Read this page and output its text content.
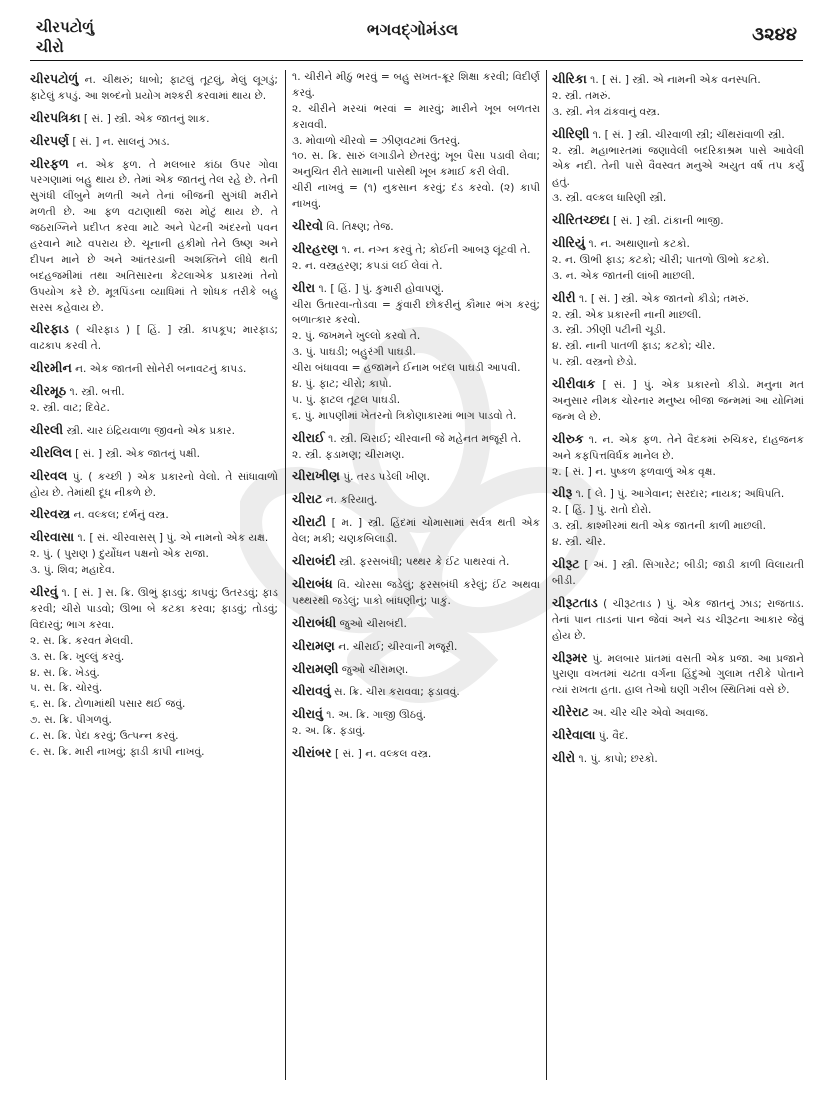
ચીરપટોળું
ચીરો
ભગવદ્ગોમંડલ	૩૨૪૪
ચીરપટોળું ન. ચીથરું; ધાબો; ફાટલું તૂટલું, મેલું લૂગડું; ફાટેલું કપડું. આ શબ્દનો પ્રયોગ મશ્કરી કરવામાં થાય છે.
ચીરપત્રિકા [ સં. ] સ્ત્રી. એક જાતનું શાક.
ચીરપર્ણ [ સં. ] ન. સાલનું ઝાડ.
ચીરફળ ન. એક ફળ. તે મલબાર કાંઠા ઉપર ગોવા પરગણામાં બહુ થાય છે. તેમાં એક જાતનું તેલ રહે છે. તેની સુગંધી લીંબુને મળતી અને તેનાં બીજની સુગંધી મરીને મળતી છે. આ ફળ વટાણાથી જરા મોટું થાય છે. તે જઠરાગ્નિને પ્રદીપ્ત કરવા માટે અને પેટની અંદરનો પવન હરવાને માટે વપરાય છે. ચૂનાની હકીમો તેને ઉષ્ણ અને દીપન માને છે અને આંતરડાની અશક્તિને લીધે થતી બદહજમીમાં તથા અતિસારના કેટલાએક પ્રકારમાં તેનો ઉપયોગ કરે છે. મૂત્રપિંડના વ્યાધિમાં તે શોધક તરીકે બહુ સરસ કહેવાય છે.
ચીરફાડ ( ચીરફાડ ) [ હિં. ] સ્ત્રી. કાપકૂપ; મારફાડ; વાઢકાપ કરવી તે.
ચીરમીન ન. એક જાતની સોનેરી બનાવટનું કાપડ.
ચીરમૂઠ ૧. સ્ત્રી. બત્તી.
૨. સ્ત્રી. વાટ; દિવેટ.
ચીરલી સ્ત્રી. ચાર ઇંદ્રિયવાળા જીવનો એક પ્રકાર.
ચીરલિલ [ સં. ] સ્ત્રી. એક જાતનું પક્ષી.
ચીરવલ પું. ( કચ્છી ) એક પ્રકારનો વેલો. તે સાંધાવાળો હોય છે. તેમાંથી દૂધ નીકળે છે.
ચીરવસ્ત્ર ન. વલ્કલ; દર્ભનું વસ્ત્ર.
ચીરવાસા ૧. [ સં. ચીરવાસસ્ ] પું. એ નામનો એક યક્ષ.
૨. પું. ( પુરાણ ) દુર્યોધન પક્ષનો એક રાજા.
૩. પું. શિવ; મહાદેવ.
ચીરવું ૧. [ સં. ] સ. ક્રિ. ઊભું ફાડવું; કાપવું; ઉતરડવું; ફાડ કરવી; ચીરો પાડવો; ઊભા બે કટકા કરવા; ફાડવું; તોડવું; વિદારવું; ભાગ કરવા.
૨. સ. ક્રિ. કરવત મેલવી.
૩. સ. ક્રિ. ખુલ્લું કરવું.
૪. સ. ક્રિ. ખેડવું.
૫. સ. ક્રિ. ચોરવું.
૬. સ. ક્રિ. ટોળામાંથી પસાર થઈ જવું.
૭. સ. ક્રિ. પીગળવું.
૮. સ. ક્રિ. પેદા કરવું; ઉત્પન્ન કરવું.
૯. સ. ક્રિ. મારી નાખવું; ફાડી કાપી નાખવું.
૧. ચીરીને મીઠું ભરવું = બહુ સખત-ક્રૂર શિક્ષા કરવી; વિદીર્ણ કરવું.
૨. ચીરીને મરચાં ભરવાં = મારવું; મારીને ખૂબ બળતરા કરાવવી.
૩. મોવાળો ચીરવો = ઝીણવટમાં ઉતરવું.
૧૦. સ. ક્રિ. સારું લગાડીને છેતરવું; ખૂબ પૈસા પડાવી લેવા; અનુચિત રીતે સામાની પાસેથી ખૂબ કમાઈ કરી લેવી.
ચીરી નાખવું = (૧) નુકસાન કરવું; દંડ કરવો. (૨) કાપી નાખવું.
ચીરવો વિ. તિક્ષ્ણ; તેજ.
ચીરહરણ ૧. ન. નગ્ન કરવું તે; કોઈની આબરૂ લૂંટવી તે.
૨. ન. વસ્ત્રહરણ; કપડાં લઈ લેવાં તે.
ચીરા ૧. [ હિં. ] પું. કુમારી હોવાપણું.
ચીરા ઉતારવા-તોડવા = કુંવારી છોકરીનું કૌમાર ભંગ કરવું; બળાત્કાર કરવો.
૨. પું. જખમને ખુલ્લો કરવો તે.
૩. પું. પાઘડી; બહુરંગી પાઘડી.
ચીરા બંધાવવા = હજામને ઈનામ બદલ પાઘડી આપવી.
૪. પું. ફાટ; ચીરો; કાપો.
૫. પું. ફાટલ તૂટલ પાઘડી.
૬. પું. માપણીમાં ખેતરનો ત્રિકોણાકારમાં ભાગ પાડવો તે.
ચીરાઈ ૧. સ્ત્રી. ચિરાઈ; ચીરવાની જે મહેનત મજૂરી તે.
૨. સ્ત્રી. ફડામણ; ચીરામણ.
ચીરાખીણ પું. તરડ પડેલી ખીણ.
ચીરાટ ન. કરિયાતું.
ચીરાટી [ મ. ] સ્ત્રી. હિંદમાં ચોમાસામાં સર્વત્ર થતી એક વેલ; મકી; ચણકબિલાડી.
ચીરાબંદી સ્ત્રી. ફરસબંધી; પથ્થર કે ઈંટ પાથરવાં તે.
ચીરાબંધ વિ. ચોરસા જડેલું; ફરસબંધી કરેલું; ઈંટ અથવા પથ્થરથી જડેલું; પાકો બાંધણીનું; પાકું.
ચીરાબંધી જુઓ ચીરાબંદી.
ચીરામણ ન. ચીરાઈ; ચીરવાની મજૂરી.
ચીરામણી જુઓ ચીરામણ.
ચીરાવવું સ. ક્રિ. ચીરા કરાવવા; ફડાવવું.
ચીરાવું ૧. અ. ક્રિ. ગાજી ઊઠવું.
૨. અ. ક્રિ. ફડાવું.
ચીરાંબર [ સં. ] ન. વલ્કલ વસ્ત્ર.
ચીરિકા ૧. [ સં. ] સ્ત્રી. એ નામની એક વનસ્પતિ.
૨. સ્ત્રી. તમરું.
૩. સ્ત્રી. નેત્ર ઢાંકવાનું વસ્ત્ર.
ચીરિણી ૧. [ સં. ] સ્ત્રી. ચીરવાળી સ્ત્રી; ચીંથરાંવાળી સ્ત્રી.
૨. સ્ત્રી. મહાભારતમાં જણાવેલી બદરિકાશ્રમ પાસે આવેલી એક નદી. તેની પાસે વૈવસ્વત મનુએ અયુત વર્ષ તપ કર્યું હતું.
૩. સ્ત્રી. વલ્કલ ધારિણી સ્ત્રી.
ચીરિતચ્છદા [ સં. ] સ્ત્રી. ટાંકાની ભાજી.
ચીરિયું ૧. ન. અથાણાનો કટકો.
૨. ન. ઊભી ફાડ; કટકો; ચીરી; પાતળો ઊભો કટકો.
૩. ન. એક જાતની લાંબી માછલી.
ચીરી ૧. [ સં. ] સ્ત્રી. એક જાતનો કીડો; તમરું.
૨. સ્ત્રી. એક પ્રકારની નાની માછલી.
૩. સ્ત્રી. ઝીણી પટીની ચૂડી.
૪. સ્ત્રી. નાની પાતળી ફાડ; કટકો; ચીર.
૫. સ્ત્રી. વસ્ત્રનો છેડો.
ચીરીવાક [ સં. ] પું. એક પ્રકારનો કીડો. મનુના મત અનુસાર નીમક ચોરનાર મનુષ્ય બીજા જન્મમાં આ યોનિમાં જન્મ લે છે.
ચીરુક ૧. ન. એક ફળ. તેને વૈદકમાં રુચિકર, દાહજનક અને કફપિત્તવિર્ધક માનેલ છે.
૨. [ સં. ] ન. પુષ્કળ ફળવાળું એક વૃક્ષ.
ચીરૂ ૧. [ લે. ] પું. આગેવાન; સરદાર; નાયક; અધિપતિ.
૨. [ હિં. ] પું. રાતો દોરો.
૩. સ્ત્રી. કાશ્મીરમાં થતી એક જાતની કાળી માછલી.
૪. સ્ત્રી. ચીર.
ચીરૂટ [ અં. ] સ્ત્રી. સિગારેટ; બીડી; જાડી કાળી વિલાયતી બીડી.
ચીરૂટતાડ ( ચીરૂટતાડ ) પું. એક જાતનું ઝાડ; રાજતાડ. તેનાં પાન તાડનાં પાન જેવાં અને ચડ ચીરૂટના આકાર જેવું હોય છે.
ચીરૂમર પું. મલબાર પ્રાંતમાં વસતી એક પ્રજા. આ પ્રજાને પુરાણા વખતમાં ચઢતા વર્ગના હિંદુઓ ગુલામ તરીકે પોતાને ત્યાં રાખતા હતા. હાલ તેઓ ઘણી ગરીબ સ્થિતિમાં વસે છે.
ચીરેરાટ અ. ચીર ચીર એવો અવાજ.
ચીરેવાલા પું. વૈદ.
ચીરો ૧. પું. કાપો; છરકો.
